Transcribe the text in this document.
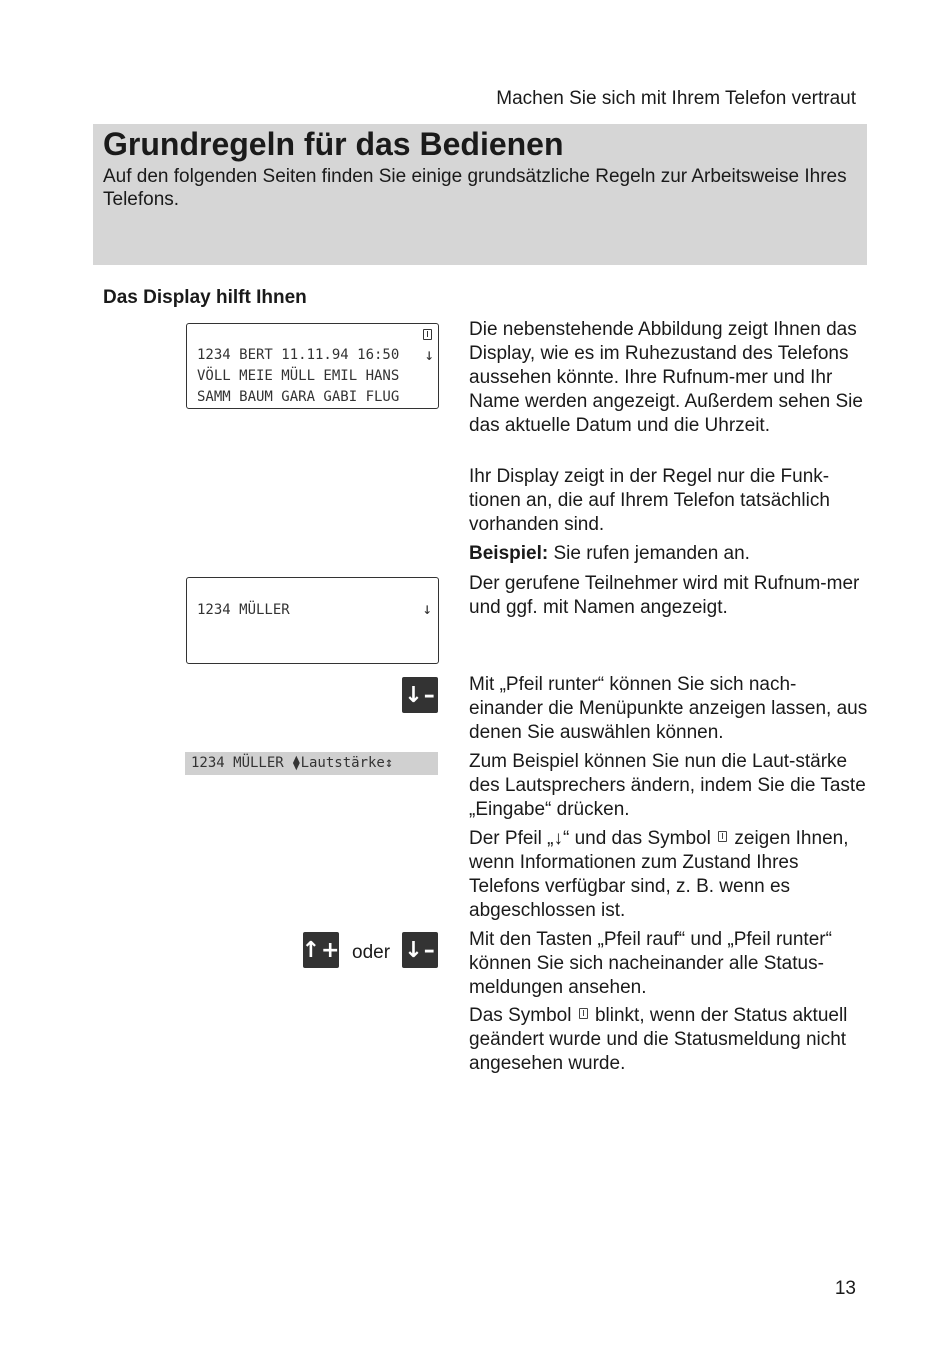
Machen Sie sich mit Ihrem Telefon vertraut
Grundregeln für das Bedienen
Auf den folgenden Seiten finden Sie einige grundsätzliche Regeln zur Arbeitsweise Ihres Telefons.
Das Display hilft Ihnen
1234 BERT 11.11.94 16:50 ↓
VÖLL MEIE MÜLL EMIL HANS
SAMM BAUM GARA GABI FLUG
1234 MÜLLER	↓
↓–
1234 MÜLLER ⧫Lautstärke↕
↑+ oder ↓–
Die nebenstehende Abbildung zeigt Ihnen das Display, wie es im Ruhezustand des Telefons aussehen könnte. Ihre Rufnum-mer und Ihr Name werden angezeigt. Außerdem sehen Sie das aktuelle Datum und die Uhrzeit.
Ihr Display zeigt in der Regel nur die Funk-tionen an, die auf Ihrem Telefon tatsächlich vorhanden sind.
Beispiel: Sie rufen jemanden an.
Der gerufene Teilnehmer wird mit Rufnum-mer und ggf. mit Namen angezeigt.
Mit „Pfeil runter“ können Sie sich nach-einander die Menüpunkte anzeigen lassen, aus denen Sie auswählen können.
Zum Beispiel können Sie nun die Laut-stärke des Lautsprechers ändern, indem Sie die Taste „Eingabe“ drücken.
Der Pfeil „↓“ und das Symbol zeigen Ihnen, wenn Informationen zum Zustand Ihres Telefons verfügbar sind, z. B. wenn es abgeschlossen ist.
Mit den Tasten „Pfeil rauf“ und „Pfeil runter“ können Sie sich nacheinander alle Status-meldungen ansehen.
Das Symbol blinkt, wenn der Status aktuell geändert wurde und die Statusmeldung nicht angesehen wurde.
13
